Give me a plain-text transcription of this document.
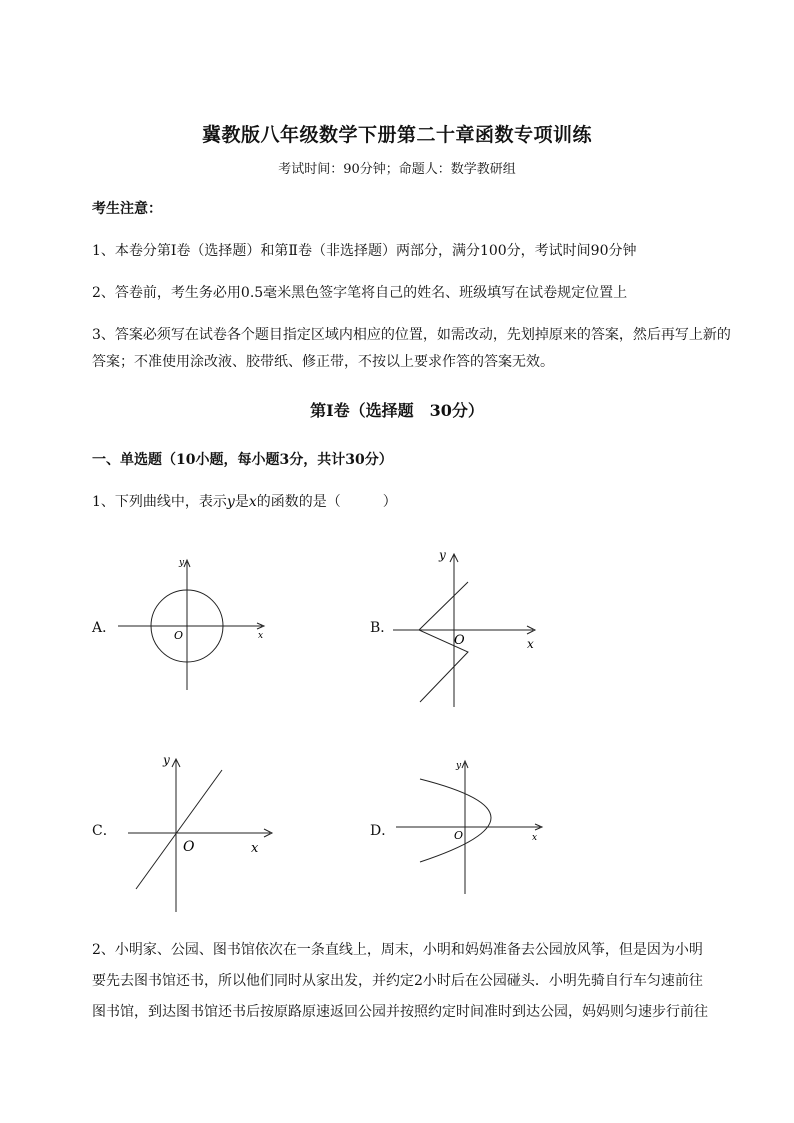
冀教版八年级数学下册第二十章函数专项训练
考试时间：90分钟；命题人：数学教研组
考生注意：
1、本卷分第Ⅰ卷（选择题）和第Ⅱ卷（非选择题）两部分，满分100分，考试时间90分钟
2、答卷前，考生务必用0.5毫米黑色签字笔将自己的姓名、班级填写在试卷规定位置上
3、答案必须写在试卷各个题目指定区域内相应的位置，如需改动，先划掉原来的答案，然后再写上新的答案；不准使用涂改液、胶带纸、修正带，不按以上要求作答的答案无效。
第Ⅰ卷（选择题　30分）
一、单选题（10小题，每小题3分，共计30分）
1、下列曲线中，表示y是x的函数的是（　　　）
A．	x
y
O	B．
x
y
O
C．
x
y
O
D．	x
y
O
2、小明家、公园、图书馆依次在一条直线上，周末，小明和妈妈准备去公园放风筝，但是因为小明
要先去图书馆还书，所以他们同时从家出发，并约定2小时后在公园碰头．小明先骑自行车匀速前往
图书馆，到达图书馆还书后按原路原速返回公园并按照约定时间准时到达公园，妈妈则匀速步行前往
